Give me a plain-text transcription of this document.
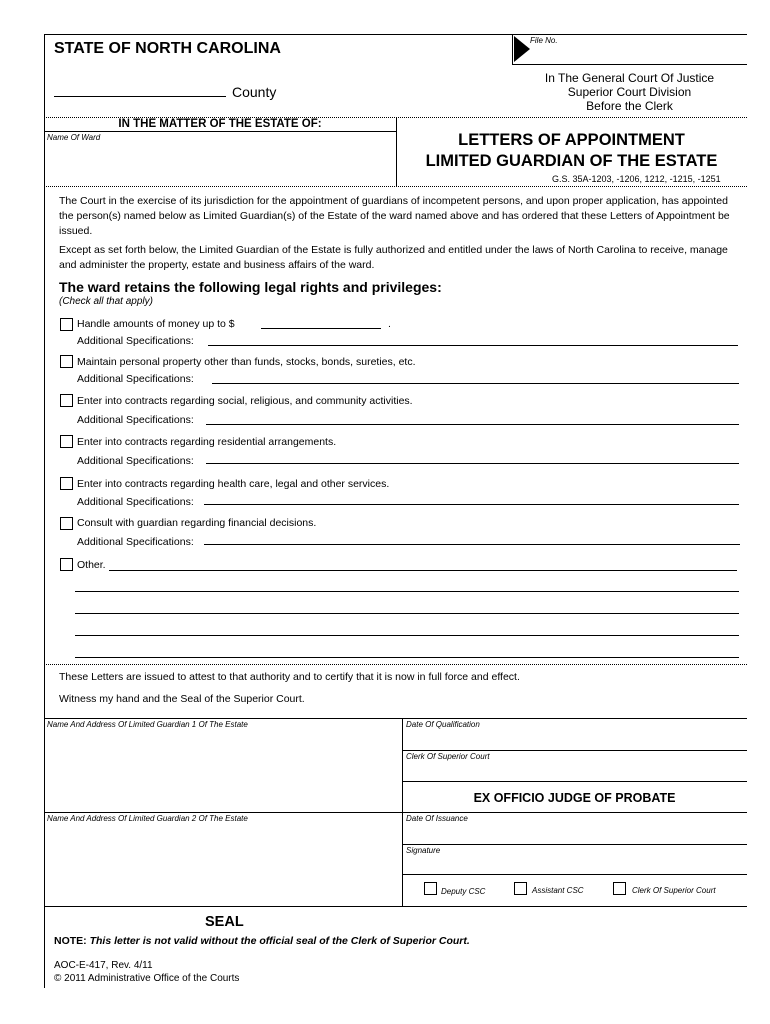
File No.
STATE OF NORTH CAROLINA
County
In The General Court Of Justice
Superior Court Division
Before the Clerk
IN THE MATTER OF THE ESTATE OF:
Name Of Ward	LETTERS OF APPOINTMENT
LIMITED GUARDIAN OF THE ESTATE
G.S. 35A-1203, -1206, 1212, -1215, -1251
The Court in the exercise of its jurisdiction for the appointment of guardians of incompetent persons, and upon proper application, has appointed the person(s) named below as Limited Guardian(s) of the Estate of the ward named above and has ordered that these Letters of Appointment be issued.
Except as set forth below, the Limited Guardian of the Estate is fully authorized and entitled under the laws of North Carolina to receive, manage and administer the property, estate and business affairs of the ward.
The ward retains the following legal rights and privileges:
(Check all that apply)
Handle amounts of money up to $	.
Additional Specifications:
Maintain personal property other than funds, stocks, bonds, sureties, etc.
Additional Specifications:
Enter into contracts regarding social, religious, and community activities.
Additional Specifications:
Enter into contracts regarding residential arrangements.
Additional Specifications:
Enter into contracts regarding health care, legal and other services.
Additional Specifications:
Consult with guardian regarding financial decisions.
Additional Specifications:
Other.
These Letters are issued to attest to that authority and to certify that it is now in full force and effect.
Witness my hand and the Seal of the Superior Court.
Name And Address Of Limited Guardian 1 Of The Estate	Date Of Qualification
Clerk Of Superior Court
EX OFFICIO JUDGE OF PROBATE
Name And Address Of Limited Guardian 2 Of The Estate	Date Of Issuance
Signature
Deputy CSC	Assistant CSC	Clerk Of Superior Court
SEAL
NOTE: This letter is not valid without the official seal of the Clerk of Superior Court.
AOC-E-417, Rev. 4/11
© 2011 Administrative Office of the Courts
